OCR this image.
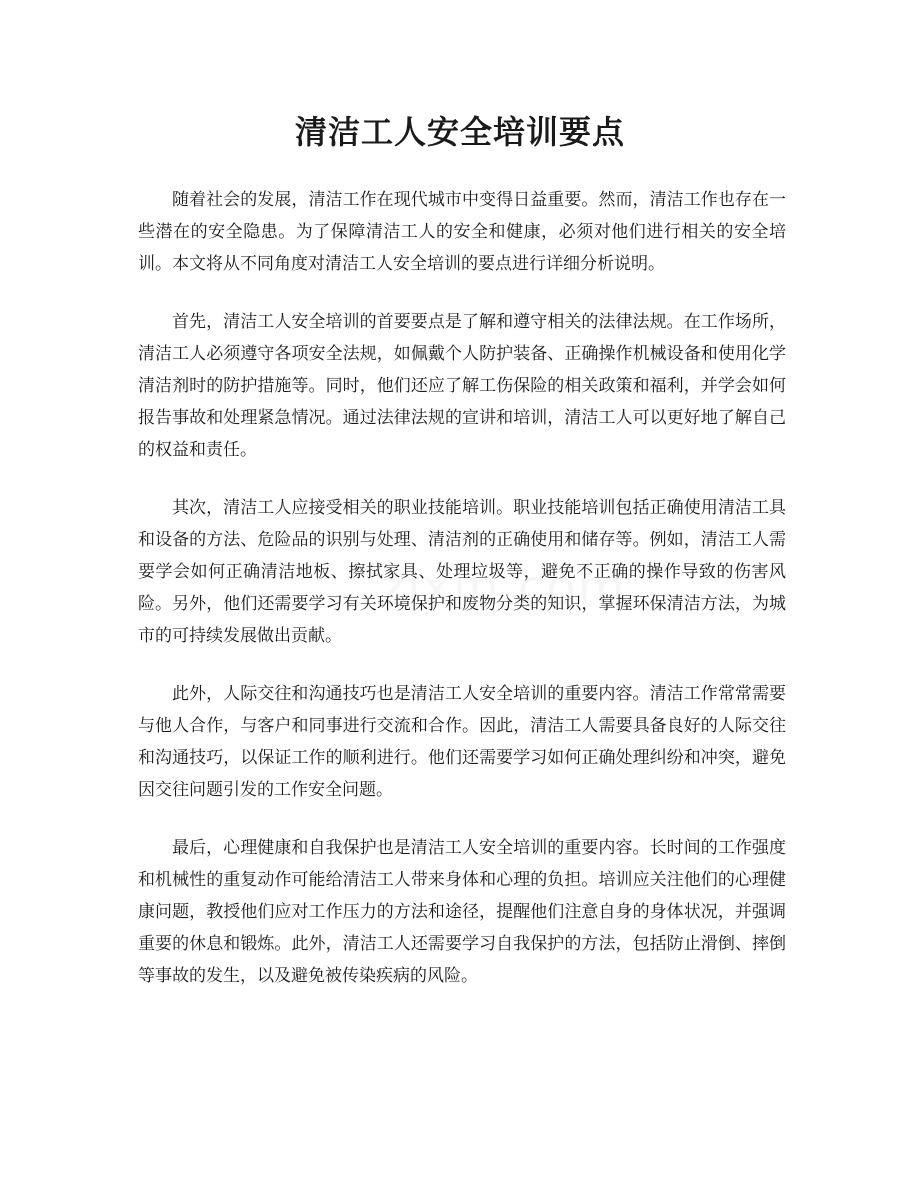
清洁工人安全培训要点

随着社会的发展，清洁工作在现代城市中变得日益重要。然而，清洁工作也存在一些潜在的安全隐患。为了保障清洁工人的安全和健康，必须对他们进行相关的安全培训。本文将从不同角度对清洁工人安全培训的要点进行详细分析说明。

首先，清洁工人安全培训的首要要点是了解和遵守相关的法律法规。在工作场所，清洁工人必须遵守各项安全法规，如佩戴个人防护装备、正确操作机械设备和使用化学清洁剂时的防护措施等。同时，他们还应了解工伤保险的相关政策和福利，并学会如何报告事故和处理紧急情况。通过法律法规的宣讲和培训，清洁工人可以更好地了解自己的权益和责任。

其次，清洁工人应接受相关的职业技能培训。职业技能培训包括正确使用清洁工具和设备的方法、危险品的识别与处理、清洁剂的正确使用和储存等。例如，清洁工人需要学会如何正确清洁地板、擦拭家具、处理垃圾等，避免不正确的操作导致的伤害风险。另外，他们还需要学习有关环境保护和废物分类的知识，掌握环保清洁方法，为城市的可持续发展做出贡献。

此外，人际交往和沟通技巧也是清洁工人安全培训的重要内容。清洁工作常常需要与他人合作，与客户和同事进行交流和合作。因此，清洁工人需要具备良好的人际交往和沟通技巧，以保证工作的顺利进行。他们还需要学习如何正确处理纠纷和冲突，避免因交往问题引发的工作安全问题。

最后，心理健康和自我保护也是清洁工人安全培训的重要内容。长时间的工作强度和机械性的重复动作可能给清洁工人带来身体和心理的负担。培训应关注他们的心理健康问题，教授他们应对工作压力的方法和途径，提醒他们注意自身的身体状况，并强调重要的休息和锻炼。此外，清洁工人还需要学习自我保护的方法，包括防止滑倒、摔倒等事故的发生，以及避免被传染疾病的风险。
